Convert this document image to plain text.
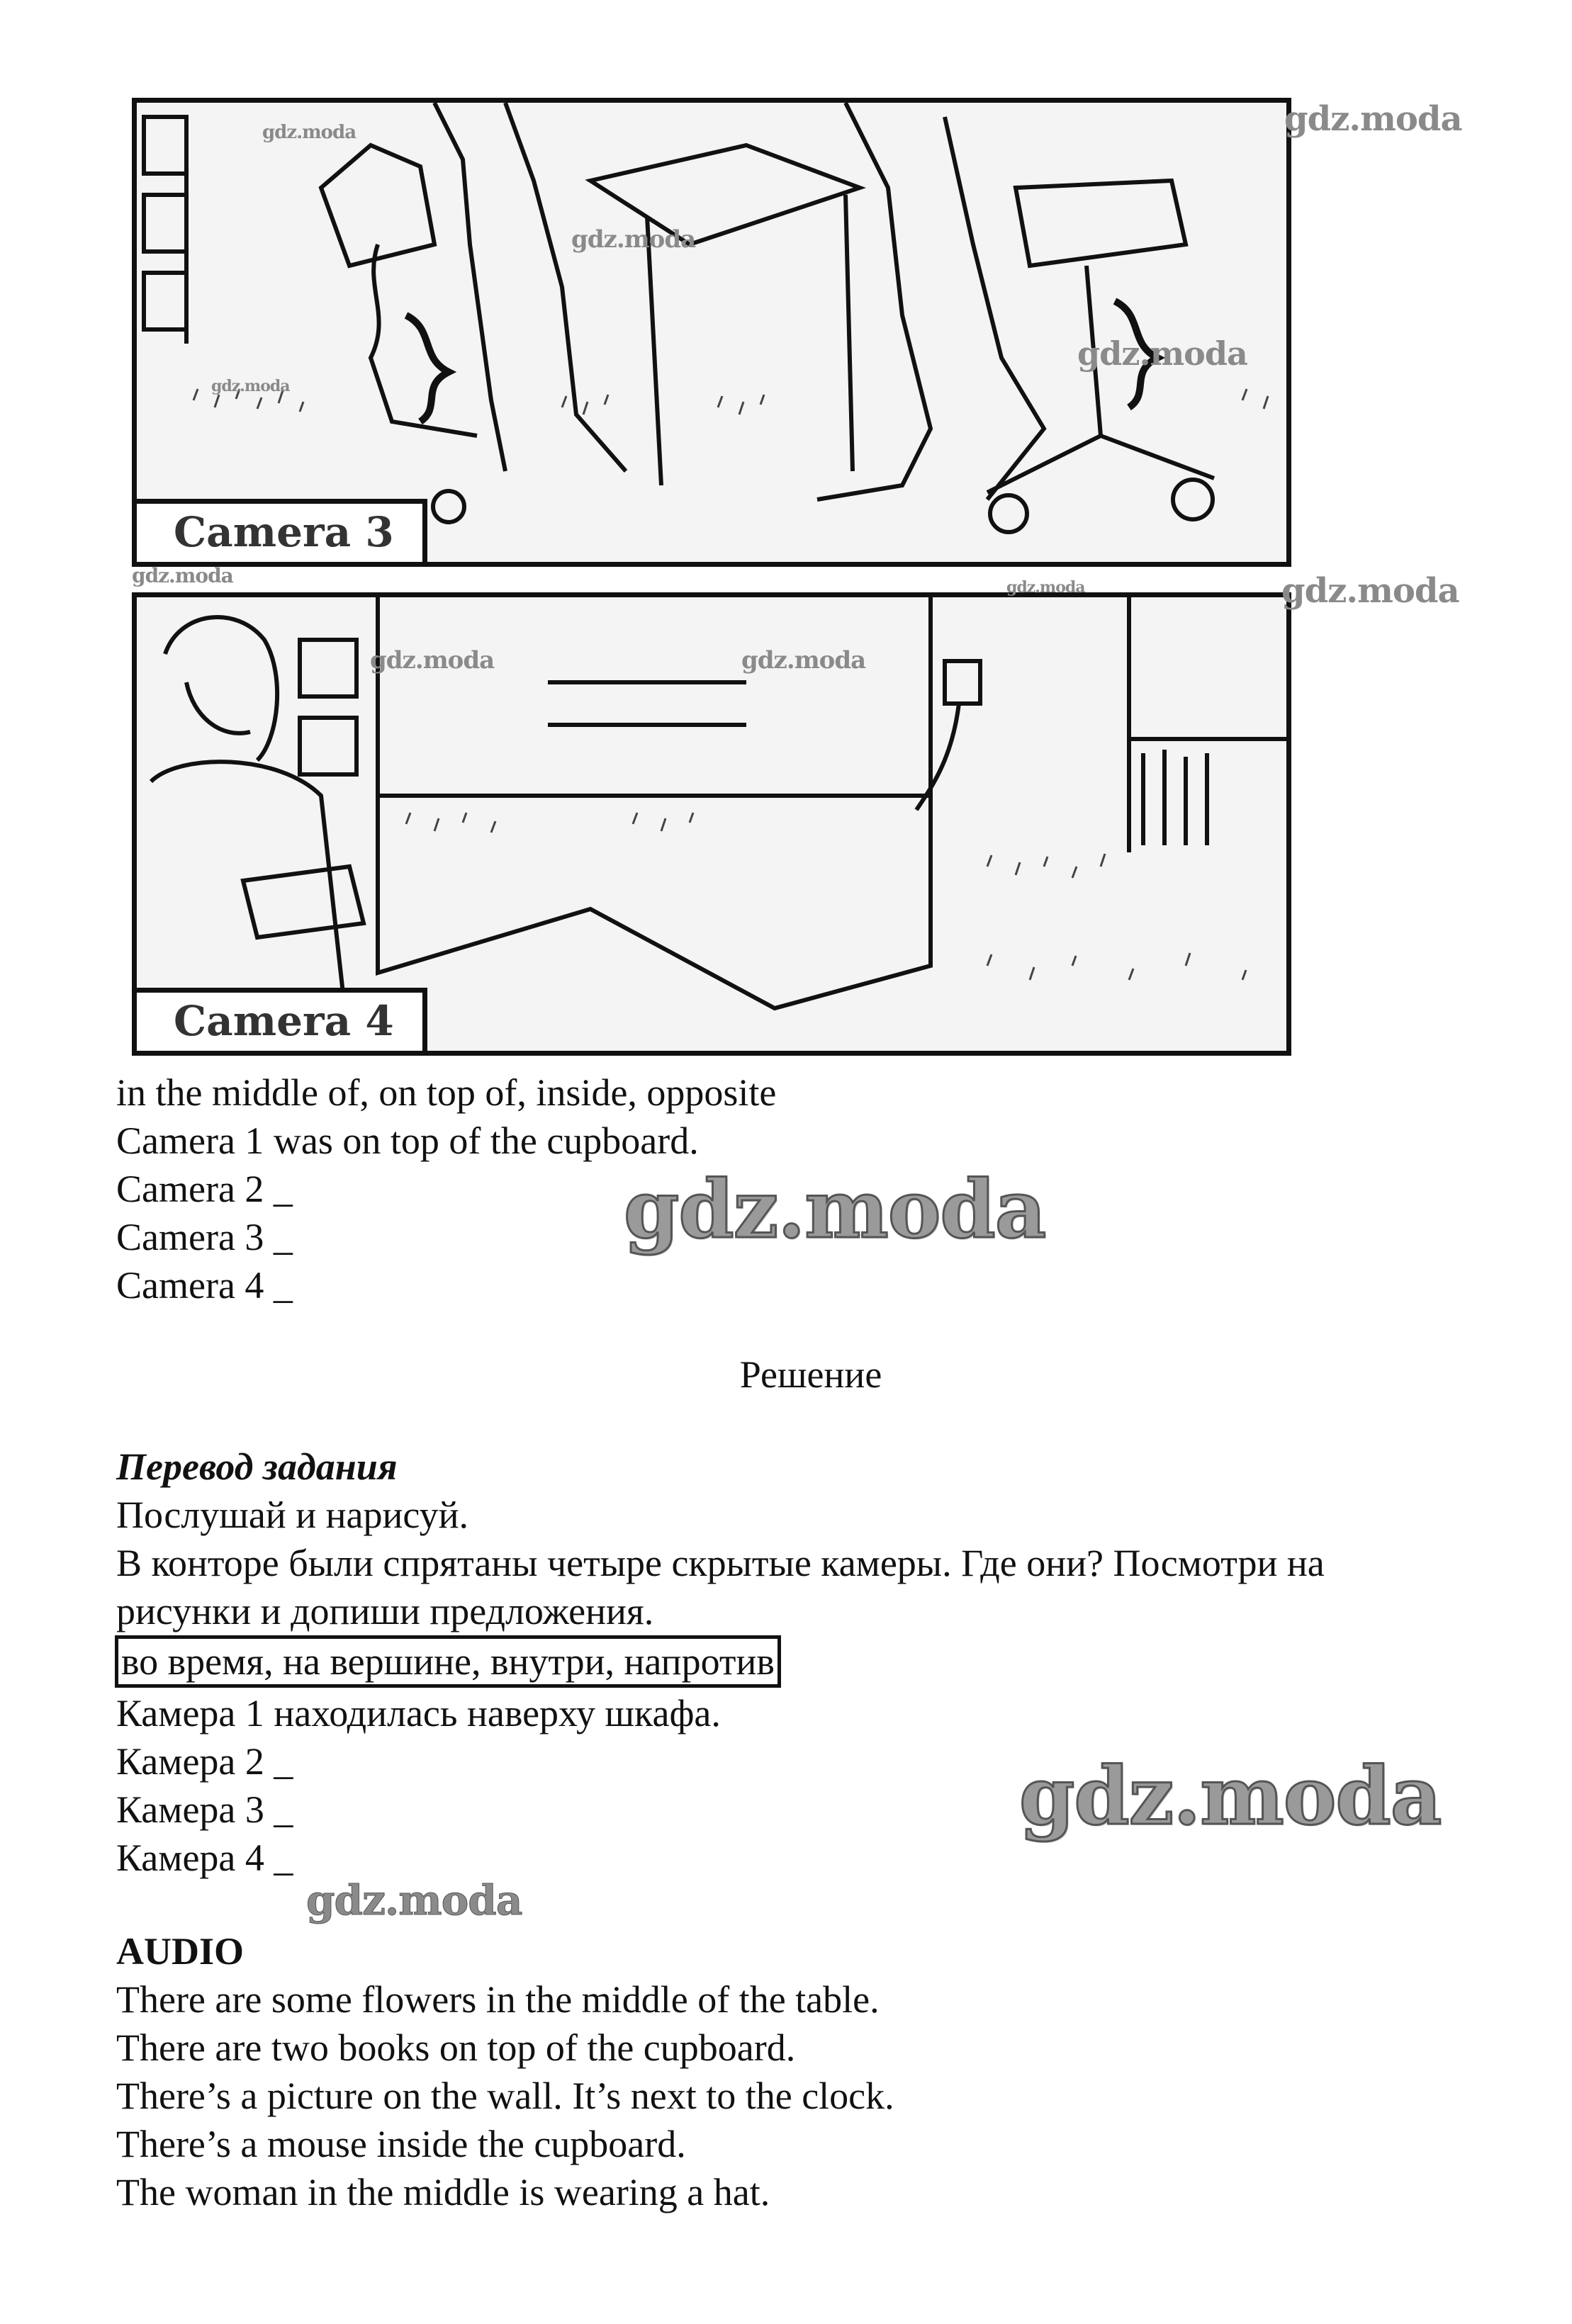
Camera 3
Camera 4
gdz.moda
gdz.moda
gdz.moda
gdz.moda
gdz.moda
gdz.moda	gdz.moda	gdz.moda
gdz.moda	gdz.moda
gdz.moda
gdz.moda
gdz.moda
in the middle of, on top of, inside, opposite
Camera 1 was on top of the cupboard.
Camera 2 _
Camera 3 _
Camera 4 _
Решение
Перевод задания
Послушай и нарисуй.
В конторе были спрятаны четыре скрытые камеры. Где они? Посмотри на
рисунки и допиши предложения.
во время, на вершине, внутри, напротив
Камера 1 находилась наверху шкафа.
Камера 2 _
Камера 3 _
Камера 4 _
AUDIO
There are some flowers in the middle of the table.
There are two books on top of the cupboard.
There’s a picture on the wall. It’s next to the clock.
There’s a mouse inside the cupboard.
The woman in the middle is wearing a hat.
